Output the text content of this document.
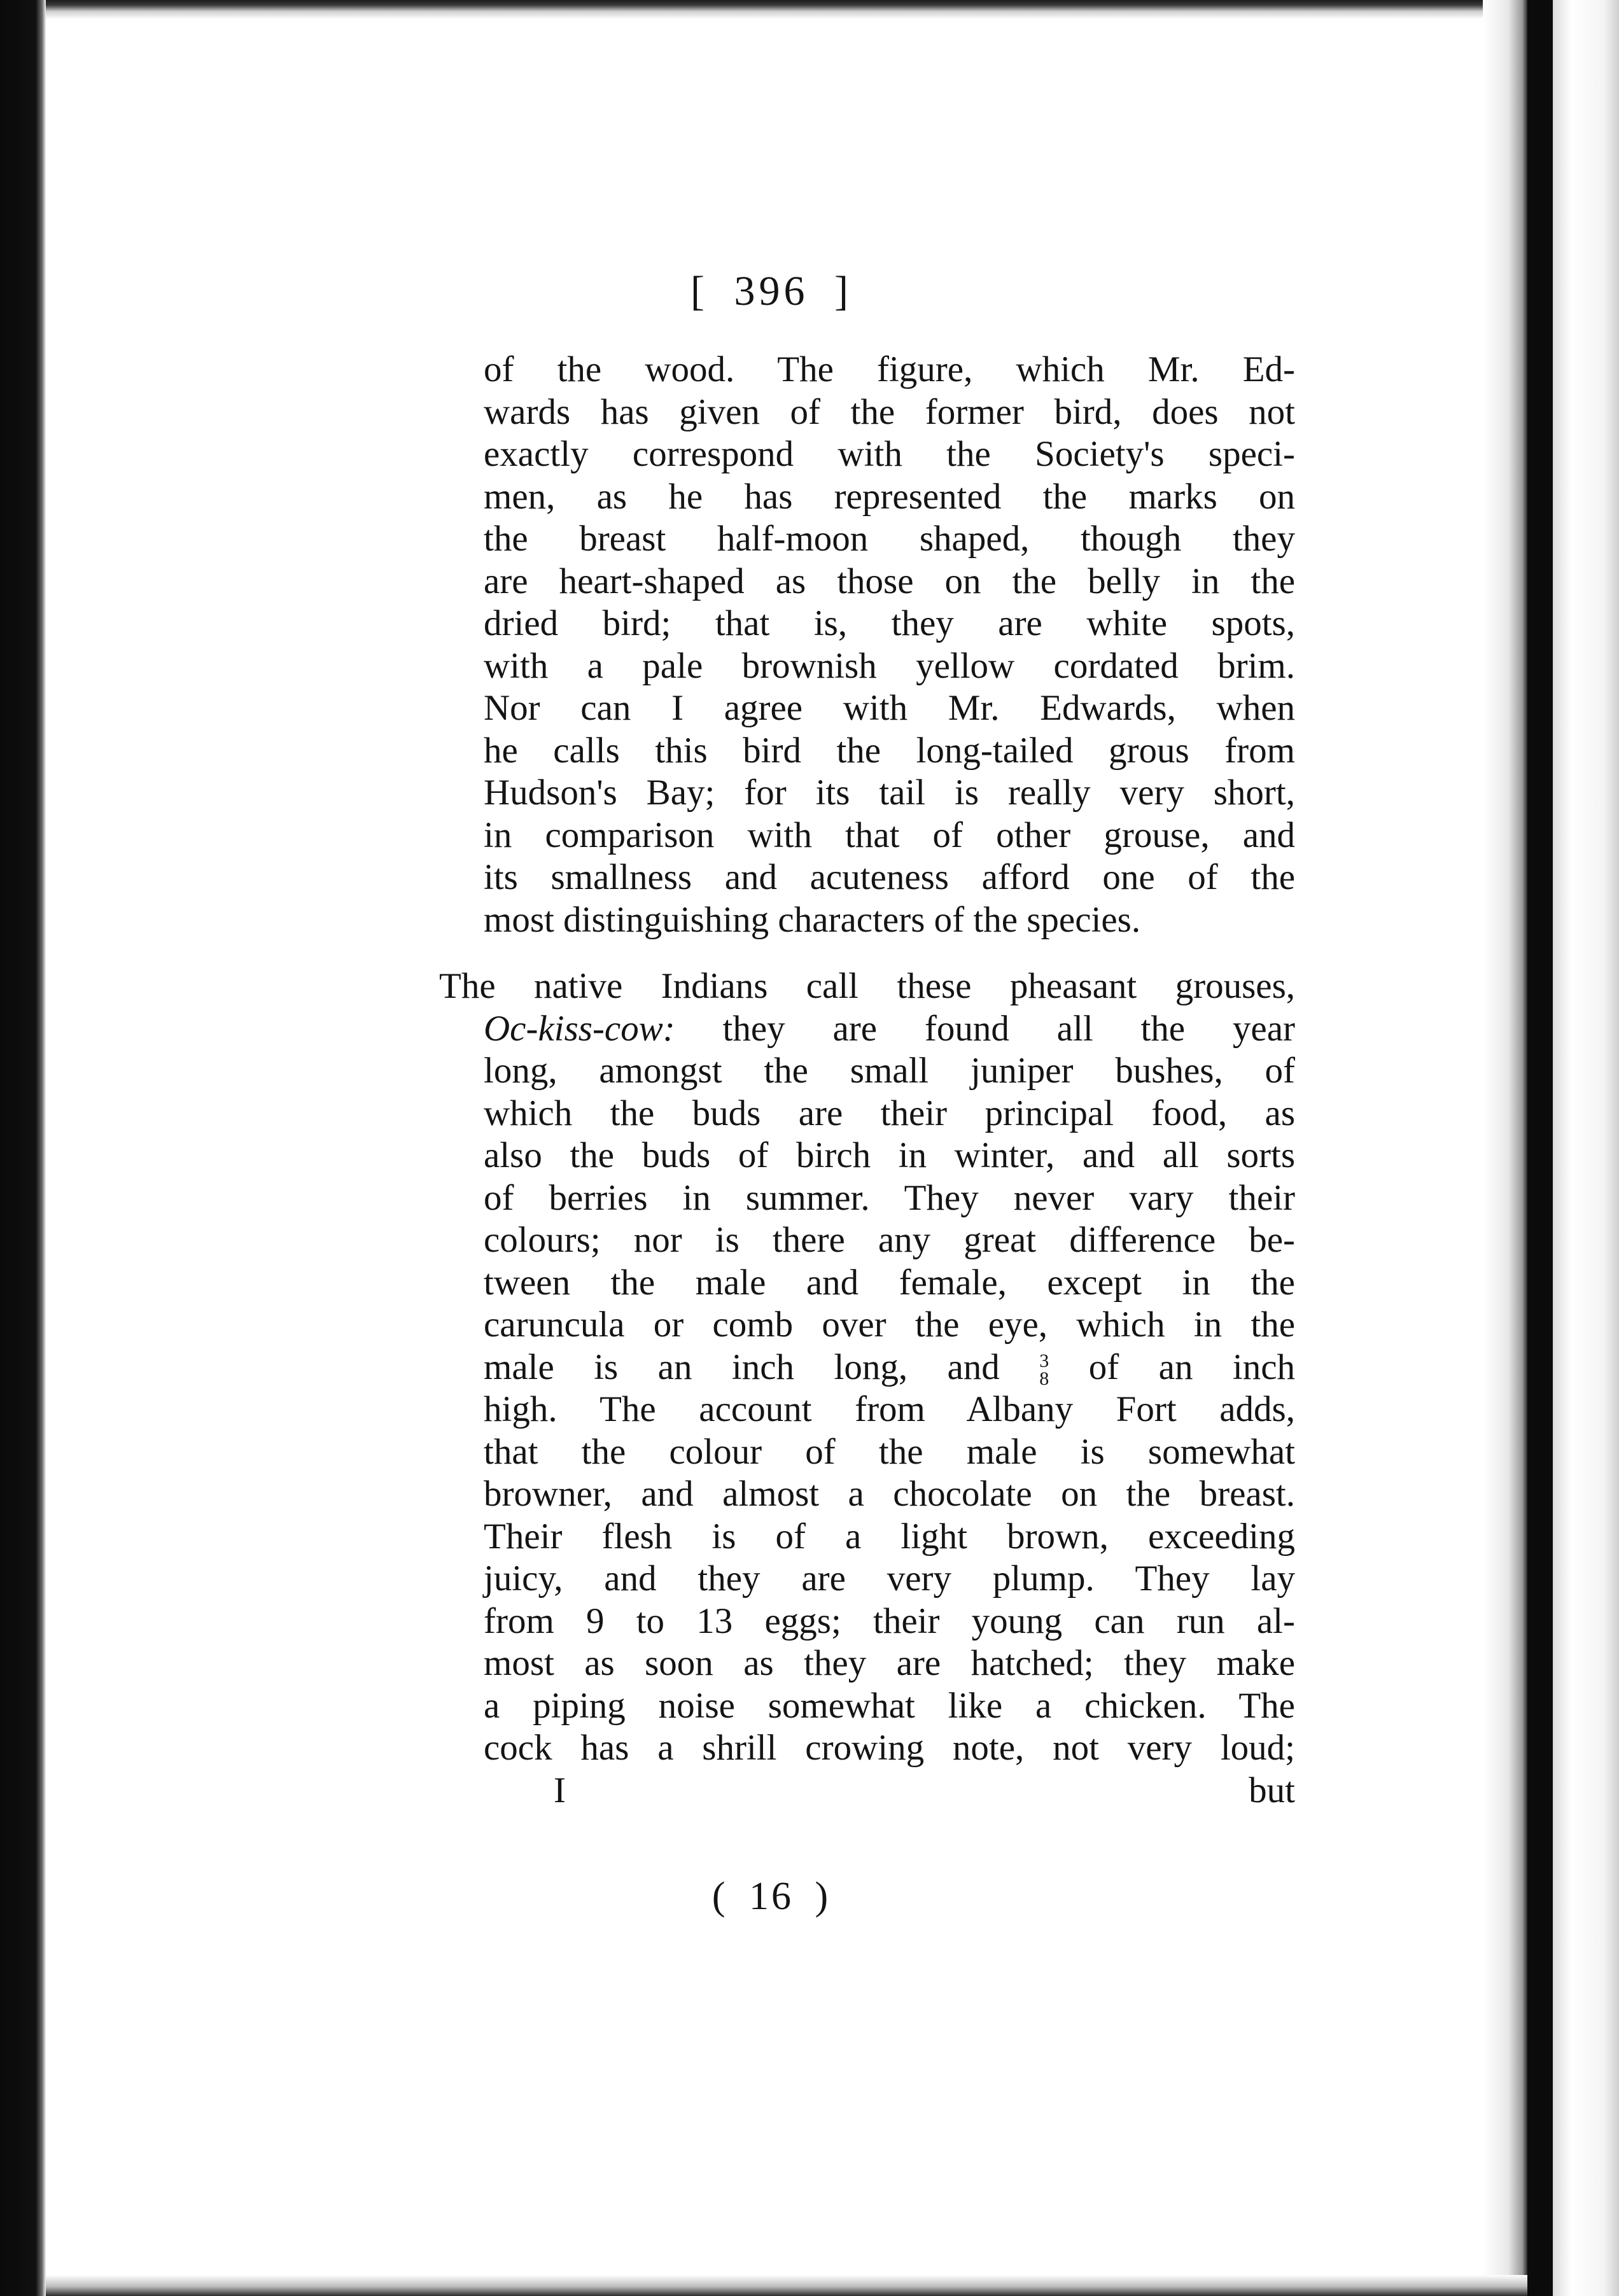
[ 396 ]
of the wood. The figure, which Mr. Ed-
wards has given of the former bird, does not
exactly correspond with the Society's speci-
men, as he has represented the marks on
the breast half-moon shaped, though they
are heart-shaped as those on the belly in the
dried bird; that is, they are white spots,
with a pale brownish yellow cordated brim.
Nor can I agree with Mr. Edwards, when
he calls this bird the long-tailed grous from
Hudson's Bay; for its tail is really very short,
in comparison with that of other grouse, and
its smallness and acuteness afford one of the
most distinguishing characters of the species.
The native Indians call these pheasant grouses,
Oc-kiss-cow: they are found all the year
long, amongst the small juniper bushes, of
which the buds are their principal food, as
also the buds of birch in winter, and all sorts
of berries in summer. They never vary their
colours; nor is there any great difference be-
tween the male and female, except in the
caruncula or comb over the eye, which in the
male is an inch long, and 3
8 of an inch
high. The account from Albany Fort adds,
that the colour of the male is somewhat
browner, and almost a chocolate on the breast.
Their flesh is of a light brown, exceeding
juicy, and they are very plump. They lay
from 9 to 13 eggs; their young can run al-
most as soon as they are hatched; they make
a piping noise somewhat like a chicken. The
cock has a shrill crowing note, not very loud;
I	but
( 16 )
